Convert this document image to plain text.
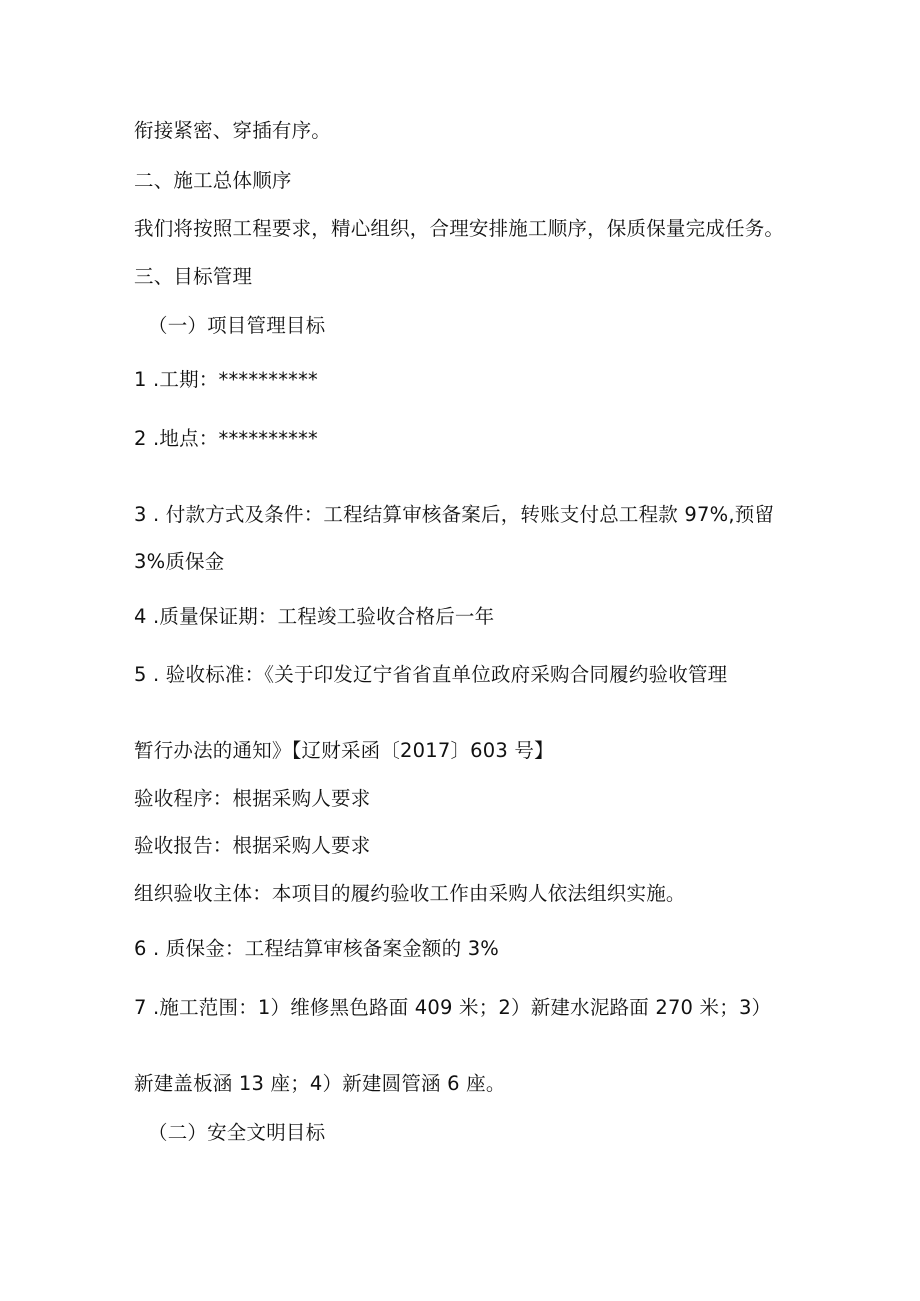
衔接紧密、穿插有序。
二、施工总体顺序
我们将按照工程要求，精心组织，合理安排施工顺序，保质保量完成任务。
三、目标管理
（一）项目管理目标
1 .工期：**********
2 .地点：**********
3 . 付款方式及条件：工程结算审核备案后，转账支付总工程款 97%,预留
3%质保金
4 .质量保证期：工程竣工验收合格后一年
5 . 验收标准：《关于印发辽宁省省直单位政府采购合同履约验收管理
暂行办法的通知》【辽财采函〔2017〕603 号】
验收程序：根据采购人要求
验收报告：根据采购人要求
组织验收主体：本项目的履约验收工作由采购人依法组织实施。
6 . 质保金：工程结算审核备案金额的 3%
7 .施工范围：1）维修黑色路面 409 米；2）新建水泥路面 270 米；3）
新建盖板涵 13 座；4）新建圆管涵 6 座。
（二）安全文明目标
